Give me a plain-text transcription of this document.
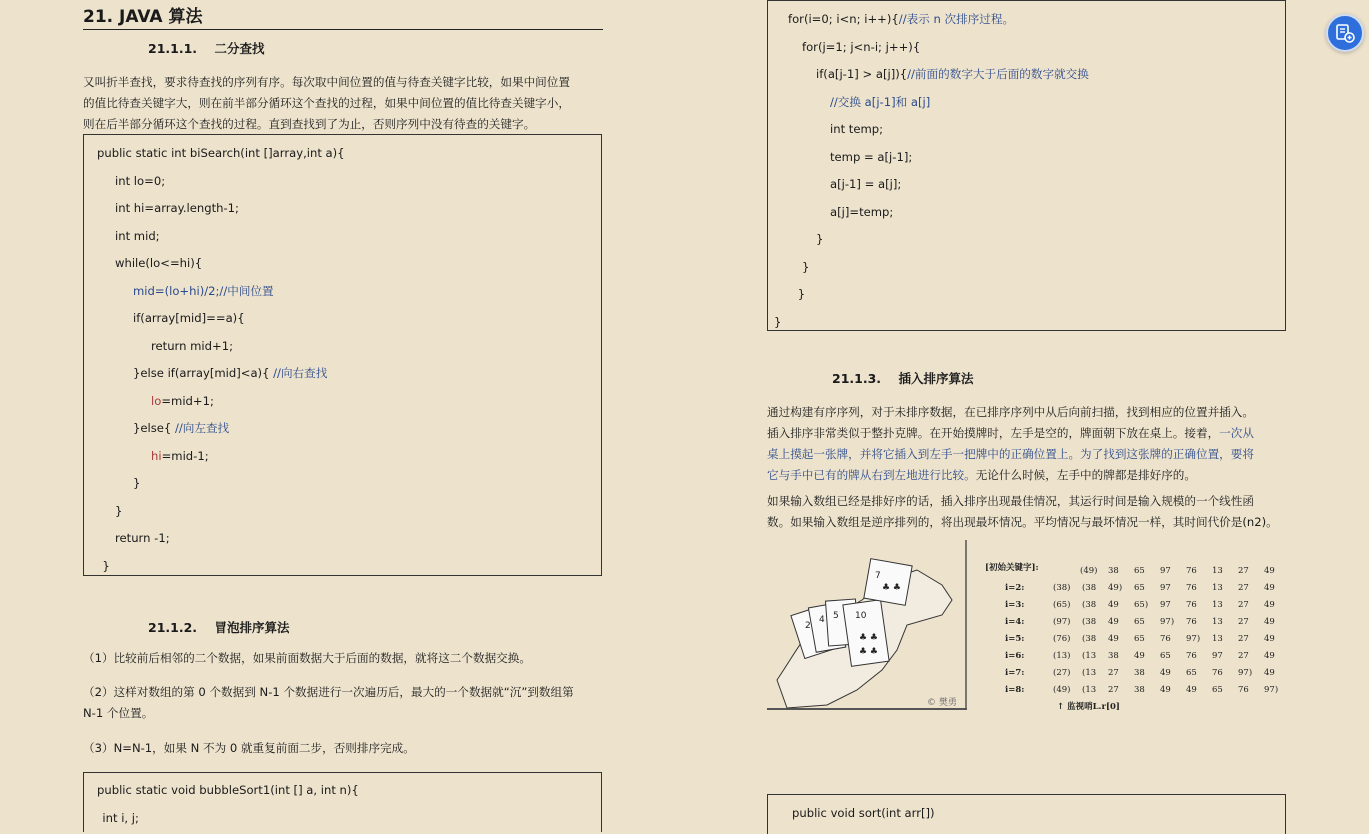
21. JAVA 算法
21.1.1.    二分查找
又叫折半查找，要求待查找的序列有序。每次取中间位置的值与待查关键字比较，如果中间位置
的值比待查关键字大，则在前半部分循环这个查找的过程，如果中间位置的值比待查关键字小，
则在后半部分循环这个查找的过程。直到查找到了为止，否则序列中没有待查的关键字。
public static int biSearch(int []array,int a){
int lo=0;
int hi=array.length-1;
int mid;
while(lo<=hi){
mid=(lo+hi)/2;//中间位置
if(array[mid]==a){
return mid+1;
}else if(array[mid]<a){ //向右查找
lo=mid+1;
}else{ //向左查找
hi=mid-1;
}
}
return -1;
}
21.1.2.    冒泡排序算法
（1）比较前后相邻的二个数据，如果前面数据大于后面的数据，就将这二个数据交换。
（2）这样对数组的第 0 个数据到 N-1 个数据进行一次遍历后，最大的一个数据就“沉”到数组第
N-1 个位置。
（3）N=N-1，如果 N 不为 0 就重复前面二步，否则排序完成。
public static void bubbleSort1(int [] a, int n){
int i, j;
for(i=0; i<n; i++){//表示 n 次排序过程。
for(j=1; j<n-i; j++){
if(a[j-1] > a[j]){//前面的数字大于后面的数字就交换
//交换 a[j-1]和 a[j]
int temp;
temp = a[j-1];
a[j-1] = a[j];
a[j]=temp;
}
}
}
}
21.1.3.    插入排序算法
通过构建有序序列，对于未排序数据，在已排序序列中从后向前扫描，找到相应的位置并插入。
插入排序非常类似于整扑克牌。在开始摸牌时，左手是空的，牌面朝下放在桌上。接着，一次从
桌上摸起一张牌，并将它插入到左手一把牌中的正确位置上。为了找到这张牌的正确位置，要将
它与手中已有的牌从右到左地进行比较。无论什么时候，左手中的牌都是排好序的。
如果输入数组已经是排好序的话，插入排序出现最佳情况，其运行时间是输入规模的一个线性函
数。如果输入数组是逆序排列的，将出现最坏情况。平均情况与最坏情况一样，其时间代价是(n2)。
public void sort(int arr[])
2
4 5 10
7
♣ ♣
♣ ♣
♣ ♣
© 樊勇
[初始关键字]:	(49) 38 65 97 76 13 27 49
i=2:	(38) (38 49) 65 97 76 13 27 49
i=3:	(65) (38 49 65) 97 76 13 27 49
i=4:	(97) (38 49 65 97) 76 13 27 49
i=5:	(76) (38 49 65 76 97) 13 27 49
i=6:	(13) (13 38 49 65 76 97 27 49
i=7:	(27) (13 27 38 49 65 76 97) 49
i=8:	(49) (13 27 38 49 49 65 76 97)
↑ 监视哨L.r[0]
